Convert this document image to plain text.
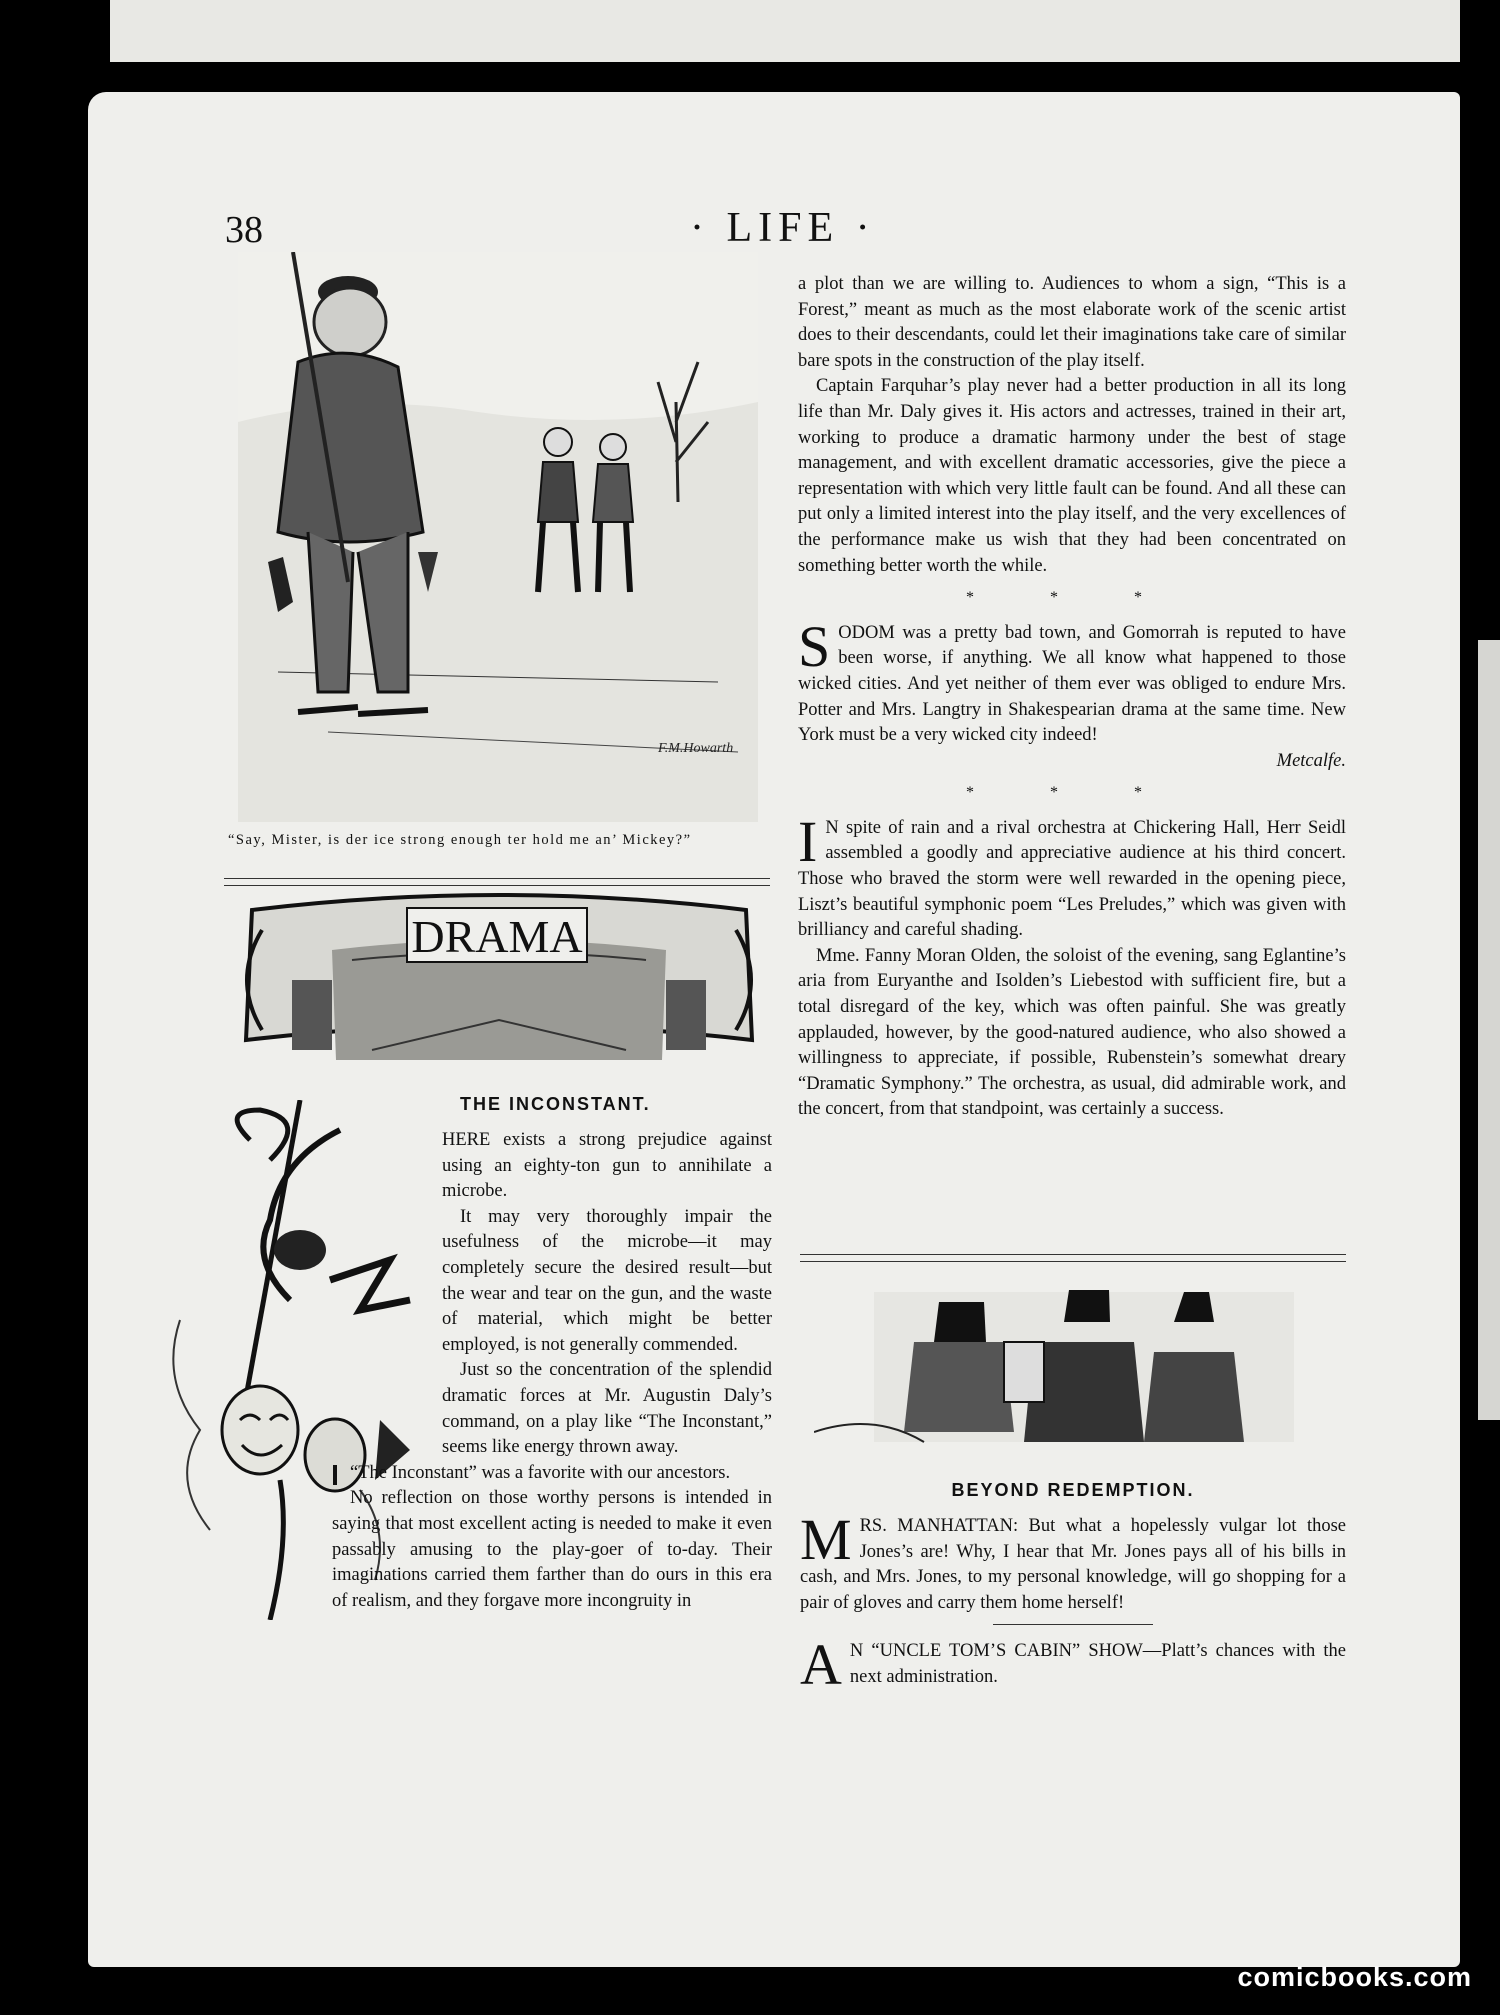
38	· LIFE ·
F.M.Howarth
“Say, Mister, is der ice strong enough ter hold me an’ Mickey?”
DRAMA
THE INCONSTANT.

HERE exists a strong prejudice against using an eighty-ton gun to annihilate a microbe.

It may very thoroughly impair the usefulness of the microbe—it may completely secure the desired result—but the wear and tear on the gun, and the waste of material, which might be better employed, is not generally commended.

Just so the concentration of the splendid dramatic forces at Mr. Augustin Daly’s command, on a play like “The Inconstant,” seems like energy thrown away.

“The Inconstant” was a favorite with our ancestors.

No reflection on those worthy persons is intended in saying that most excellent acting is needed to make it even passably amusing to the play-goer of to-day. Their imaginations carried them farther than do ours in this era of realism, and they forgave more incongruity in

a plot than we are willing to. Audiences to whom a sign, “This is a Forest,” meant as much as the most elaborate work of the scenic artist does to their descendants, could let their imaginations take care of similar bare spots in the construction of the play itself.

Captain Farquhar’s play never had a better production in all its long life than Mr. Daly gives it. His actors and actresses, trained in their art, working to produce a dramatic harmony under the best of stage management, and with excellent dramatic accessories, give the piece a representation with which very little fault can be found. And all these can put only a limited interest into the play itself, and the very excellences of the performance make us wish that they had been concentrated on something better worth the while.

* * *

SODOM was a pretty bad town, and Gomorrah is reputed to have been worse, if anything. We all know what happened to those wicked cities. And yet neither of them ever was obliged to endure Mrs. Potter and Mrs. Langtry in Shakespearian drama at the same time. New York must be a very wicked city indeed!

Metcalfe.

* * *

I N spite of rain and a rival orchestra at Chickering Hall, Herr Seidl assembled a goodly and appreciative audience at his third concert. Those who braved the storm were well rewarded in the opening piece, Liszt’s beautiful symphonic poem “Les Preludes,” which was given with brilliancy and careful shading.

Mme. Fanny Moran Olden, the soloist of the evening, sang Eglantine’s aria from Euryanthe and Isolden’s Liebestod with sufficient fire, but a total disregard of the key, which was often painful. She was greatly applauded, however, by the good-natured audience, who also showed a willingness to appreciate, if possible, Rubenstein’s somewhat dreary “Dramatic Symphony.” The orchestra, as usual, did admirable work, and the concert, from that standpoint, was certainly a success.

BEYOND REDEMPTION.

MRS. MANHATTAN: But what a hopelessly vulgar lot those Jones’s are! Why, I hear that Mr. Jones pays all of his bills in cash, and Mrs. Jones, to my personal knowledge, will go shopping for a pair of gloves and carry them home herself!

A N “UNCLE TOM’S CABIN” SHOW—Platt’s chances with the next administration.

comicbooks.com
